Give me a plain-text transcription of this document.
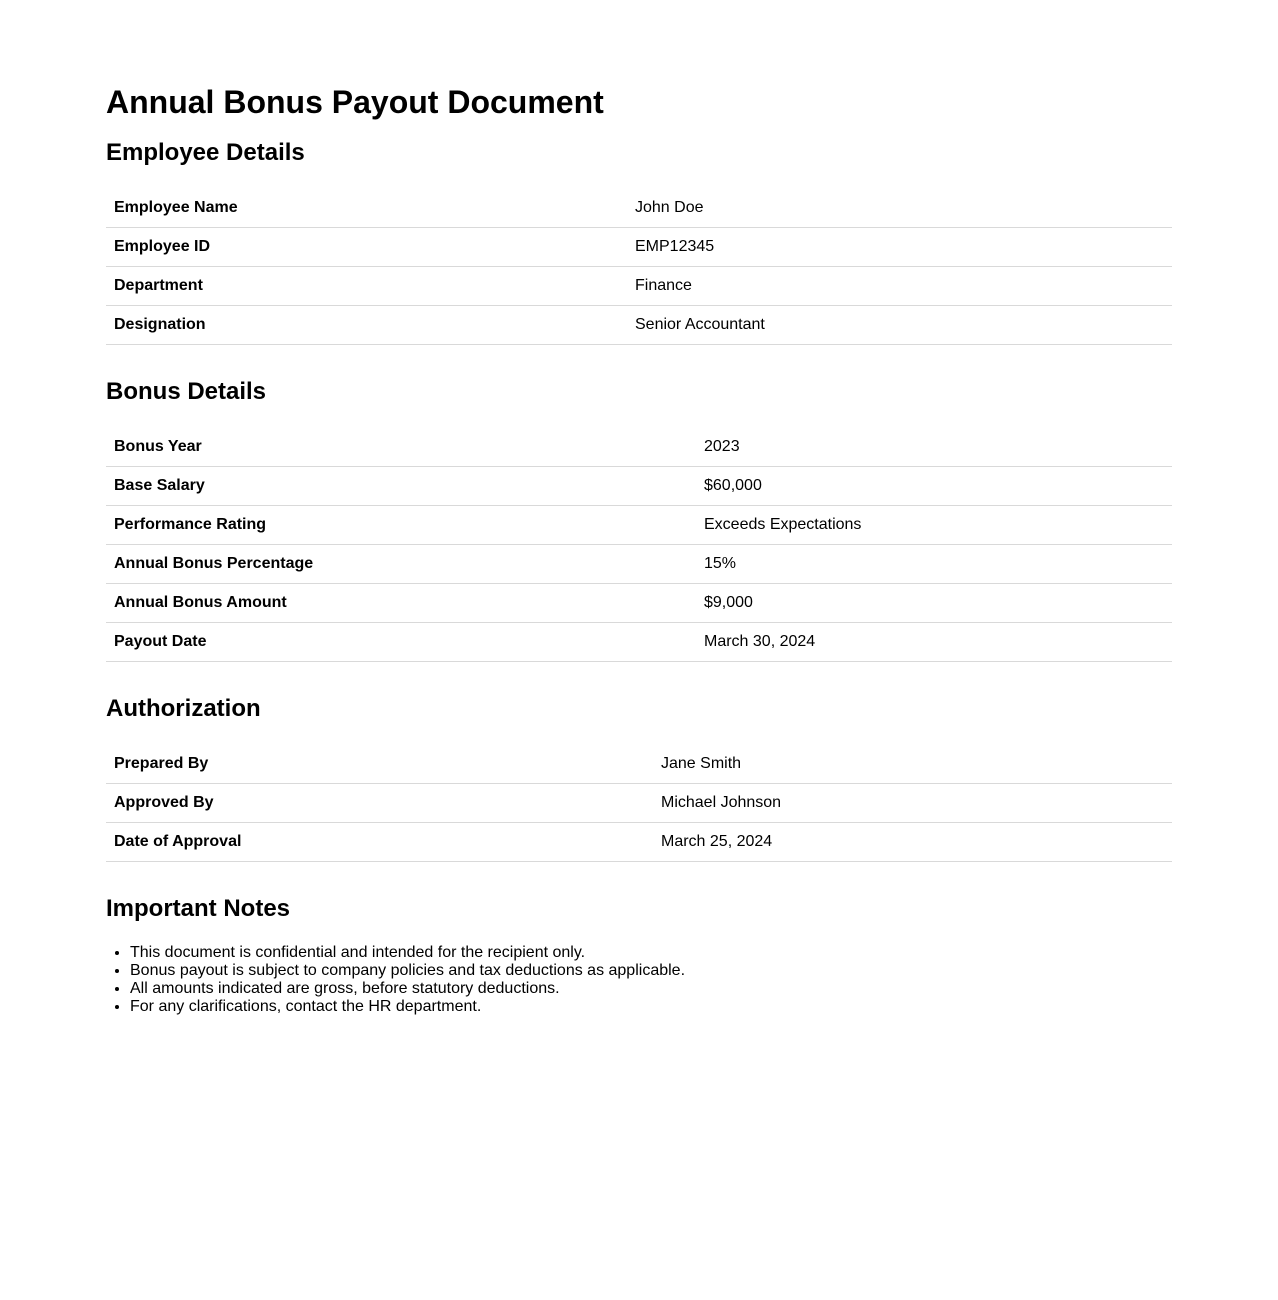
Annual Bonus Payout Document
Employee Details
Employee Name	John Doe
Employee ID	EMP12345
Department	Finance
Designation	Senior Accountant
Bonus Details
Bonus Year	2023
Base Salary	$60,000
Performance Rating	Exceeds Expectations
Annual Bonus Percentage	15%
Annual Bonus Amount	$9,000
Payout Date	March 30, 2024
Authorization
Prepared By	Jane Smith
Approved By	Michael Johnson
Date of Approval	March 25, 2024
Important Notes
• This document is confidential and intended for the recipient only.
• Bonus payout is subject to company policies and tax deductions as applicable.
• All amounts indicated are gross, before statutory deductions.
• For any clarifications, contact the HR department.
